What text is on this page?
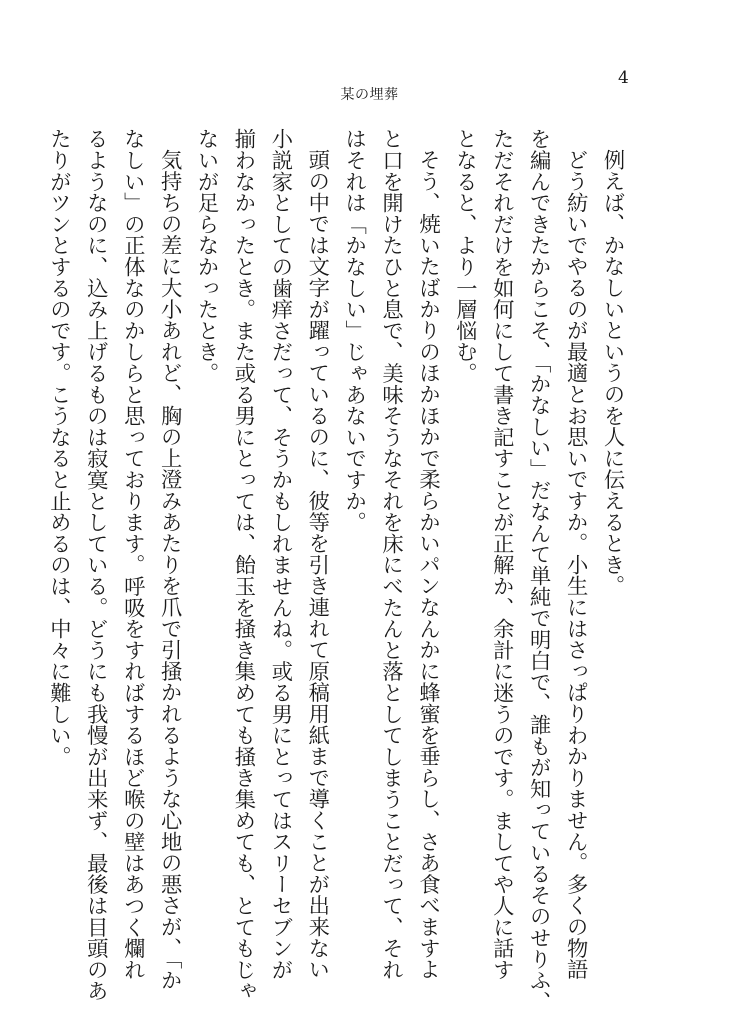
4
某の埋葬

例えば、かなしいというのを人に伝えるとき。

どう紡いでやるのが最適とお思いですか。小生にはさっぱりわかりません。多くの物語

を編んできたからこそ、「かなしい」だなんて単純で明白で、誰もが知っているそのせりふ、

ただそれだけを如何にして書き記すことが正解か、余計に迷うのです。ましてや人に話す

となると、より一層悩む。

そう、焼いたばかりのほかほかで柔らかいパンなんかに蜂蜜を垂らし、さあ食べますよ

と口を開けたひと息で、美味そうなそれを床にべたんと落としてしまうことだって、それ

はそれは「かなしい」じゃあないですか。

頭の中では文字が躍っているのに、彼等を引き連れて原稿用紙まで導くことが出来ない

小説家としての歯痒さだって、そうかもしれませんね。或る男にとってはスリーセブンが

揃わなかったとき。また或る男にとっては、飴玉を掻き集めても掻き集めても、とてもじゃ

ないが足らなかったとき。

気持ちの差に大小あれど、胸の上澄みあたりを爪で引掻かれるような心地の悪さが、「か

なしい」の正体なのかしらと思っております。呼吸をすればするほど喉の壁はあつく爛れ

るようなのに、込み上げるものは寂寞としている。どうにも我慢が出来ず、最後は目頭のあ

たりがツンとするのです。こうなると止めるのは、中々に難しい。
